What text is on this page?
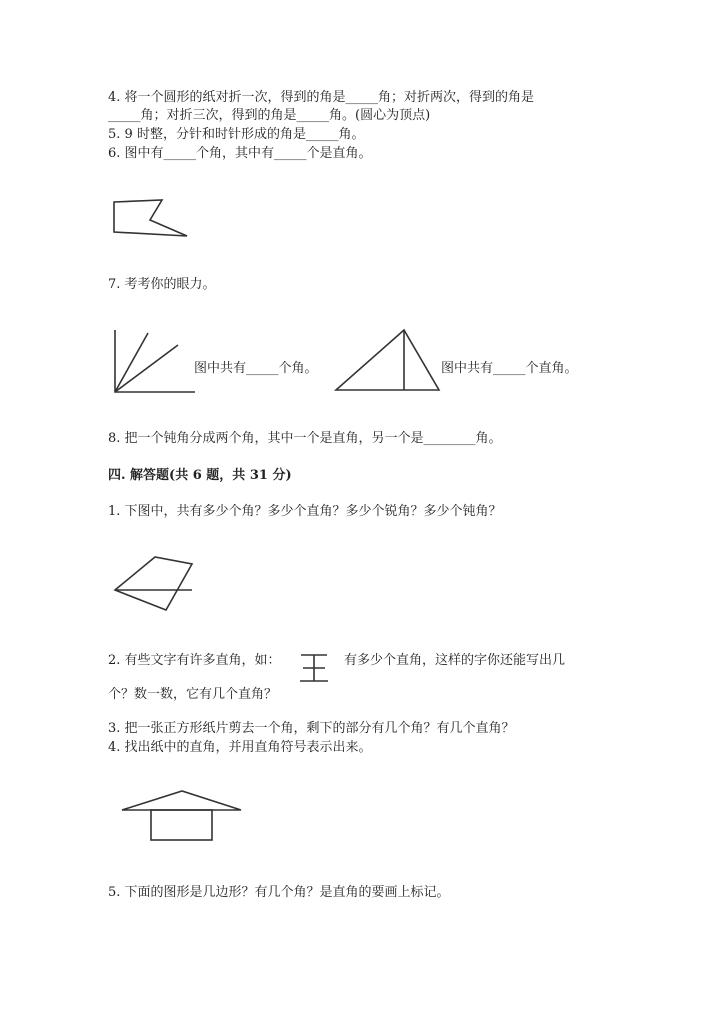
4. 将一个圆形的纸对折一次，得到的角是_____角；对折两次，得到的角是
_____角；对折三次，得到的角是_____角。(圆心为顶点)
5. 9 时整，分针和时针形成的角是_____角。
6. 图中有_____个角，其中有_____个是直角。
7. 考考你的眼力。
图中共有_____个角。	图中共有_____个直角。
8. 把一个钝角分成两个角，其中一个是直角，另一个是________角。
四. 解答题(共 6 题，共 31 分)
1. 下图中，共有多少个角？多少个直角？多少个锐角？多少个钝角？
2. 有些文字有许多直角，如：	有多少个直角，这样的字你还能写出几
个？数一数，它有几个直角？
3. 把一张正方形纸片剪去一个角，剩下的部分有几个角？有几个直角？
4. 找出纸中的直角，并用直角符号表示出来。
5. 下面的图形是几边形？有几个角？是直角的要画上标记。
